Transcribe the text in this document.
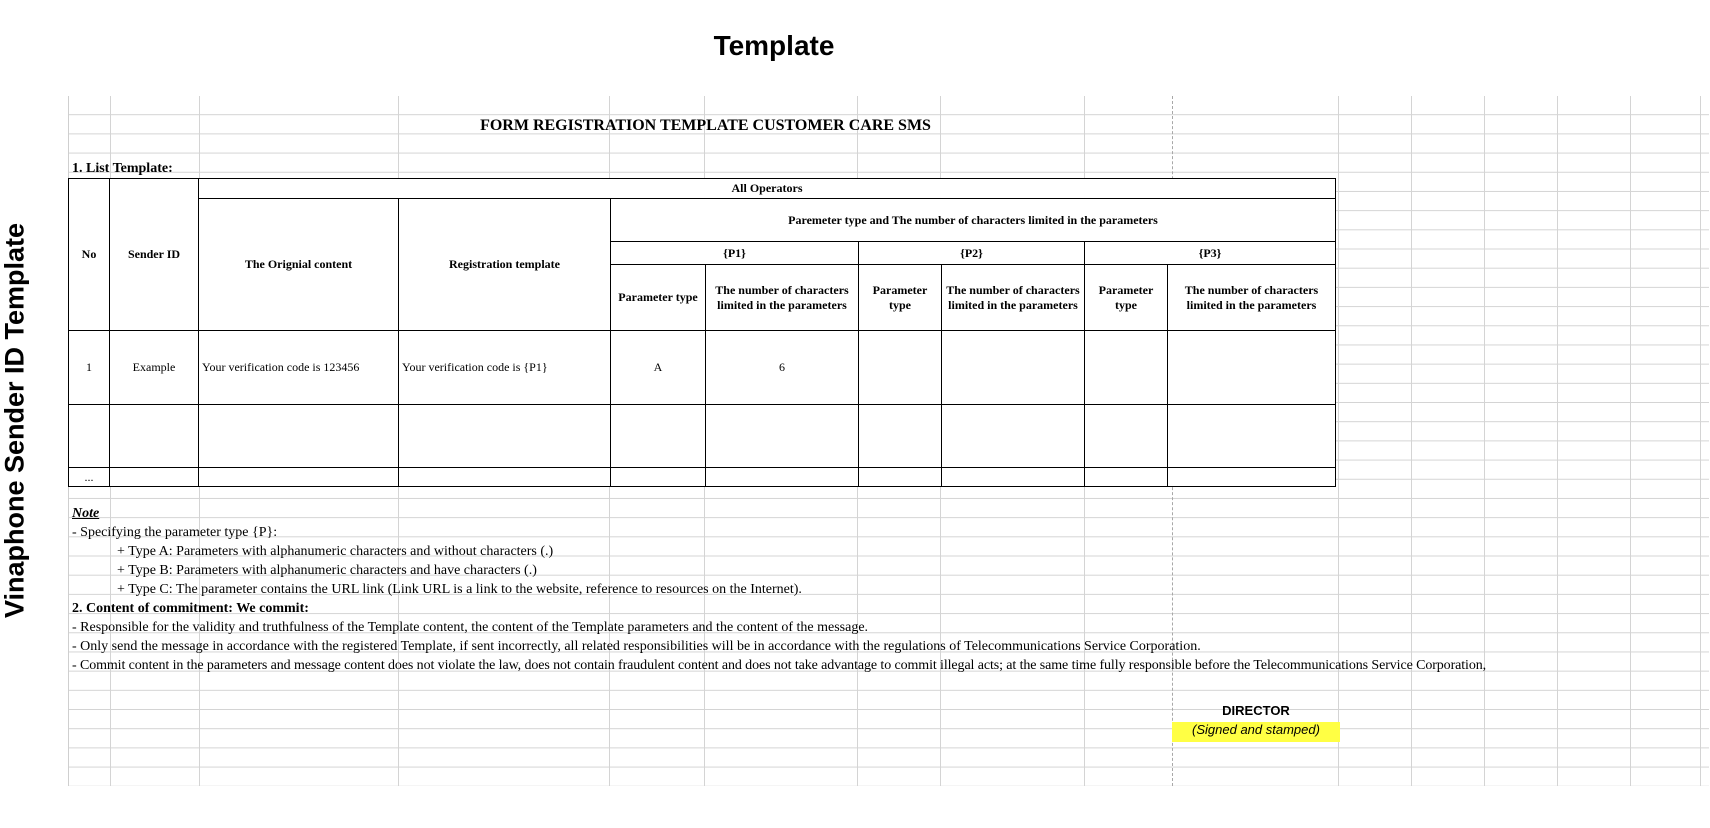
Template
Vinaphone Sender ID Template
FORM REGISTRATION TEMPLATE CUSTOMER CARE SMS
1. List Template:
No	Sender ID	All Operators							
		The Orignial content	Registration template	Paremeter type and The number of characters limited in the parameters					
				{P1}		{P2}		{P3}	
				Parameter type	The number of characters limited in the parameters	Parameter type	The number of characters limited in the parameters	Parameter type	The number of characters limited in the parameters
1	Example	Your verification code is 123456	Your verification code is {P1}	A	6				

...									
Note
- Specifying the parameter type {P}:
+ Type A: Parameters with alphanumeric characters and without characters (.)
+ Type B: Parameters with alphanumeric characters and have characters (.)
+ Type C: The parameter contains the URL link (Link URL is a link to the website, reference to resources on the Internet).
2. Content of commitment: We commit:
- Responsible for the validity and truthfulness of the Template content, the content of the Template parameters and the content of the message.
- Only send the message in accordance with the registered Template, if sent incorrectly, all related responsibilities will be in accordance with the regulations of Telecommunications Service Corporation.
- Commit content in the parameters and message content does not violate the law, does not contain fraudulent content and does not take advantage to commit illegal acts; at the same time fully responsible before the Telecommunications Service Corporation,
DIRECTOR
(Signed and stamped)
